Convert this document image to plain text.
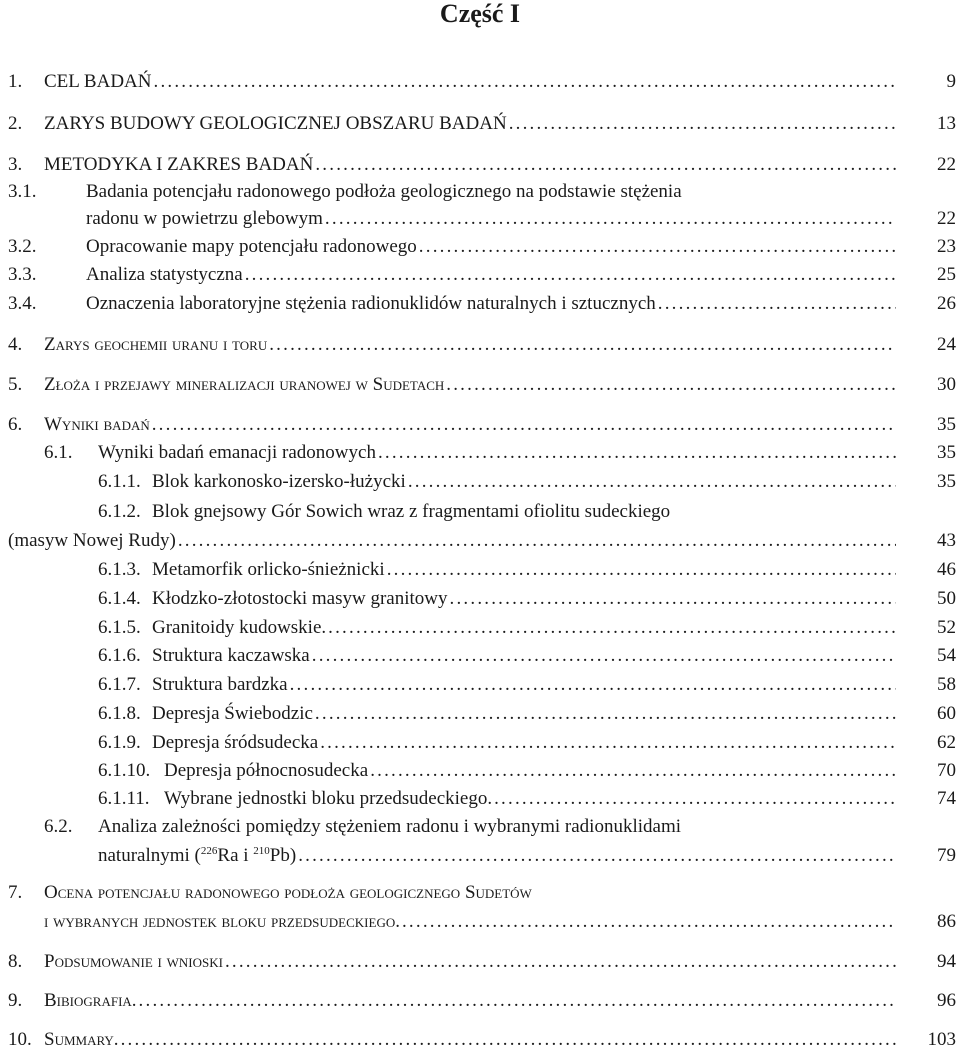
Część I
1. CEL BADAŃ .....	9
2. ZARYS BUDOWY GEOLOGICZNEJ OBSZARU BADAŃ .....	13
3. METODYKA I ZAKRES BADAŃ .....	22
3.1.	Badania potencjału radonowego podłoża geologicznego na podstawie stężenia
radonu w powietrzu glebowym .....	22
3.2.	Opracowanie mapy potencjału radonowego .....	23
3.3.	Analiza statystyczna .....	25
3.4.	Oznaczenia laboratoryjne stężenia radionuklidów naturalnych i sztucznych .....	26
4. Zarys geochemii uranu i toru .....	24
5. Złoża i przejawy mineralizacji uranowej w Sudetach .....	30
6. Wyniki badań .....	35
6.1. Wyniki badań emanacji radonowych .....	35
6.1.1. Blok karkonosko-izersko-łużycki .....	35
6.1.2. Blok gnejsowy Gór Sowich wraz z fragmentami ofiolitu sudeckiego
(masyw Nowej Rudy) .....	43
6.1.3. Metamorfik orlicko-śnieżnicki .....	46
6.1.4. Kłodzko-złotostocki masyw granitowy .....	50
6.1.5. Granitoidy kudowskie. .....	52
6.1.6. Struktura kaczawska .....	54
6.1.7. Struktura bardzka .....	58
6.1.8. Depresja Świebodzic .....	60
6.1.9. Depresja śródsudecka .....	62
6.1.10. Depresja północnosudecka .....	70
6.1.11. Wybrane jednostki bloku przedsudeckiego. .....	74
6.2. Analiza zależności pomiędzy stężeniem radonu i wybranymi radionuklidami
naturalnymi ($^{226}$Ra i $^{210}$Pb) .....	79
7. Ocena potencjału radonowego podłoża geologicznego Sudetów
i wybranych jednostek bloku przedsudeckiego. .....	86
8. Podsumowanie i wnioski .....	94
9. Bibiografia. .....	96
10. Summary. .....	103
